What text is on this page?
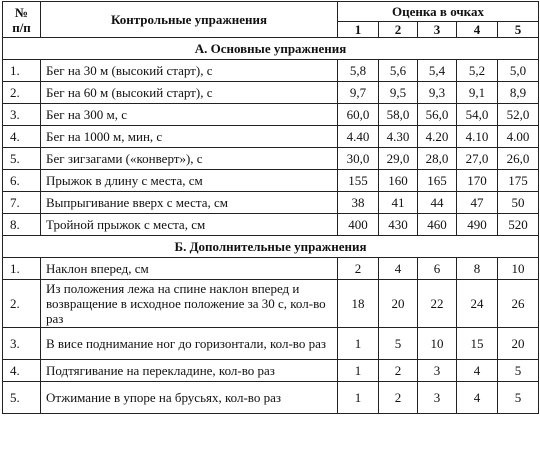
№
п/п	Контрольные упражнения	Оценка в очках				
		1	2	3	4	5
А. Основные упражнения						
1.	Бег на 30 м (высокий старт), с	5,8	5,6	5,4	5,2	5,0
2.	Бег на 60 м (высокий старт), с	9,7	9,5	9,3	9,1	8,9
3.	Бег на 300 м, с	60,0	58,0	56,0	54,0	52,0
4.	Бег на 1000 м, мин, с	4.40	4.30	4.20	4.10	4.00
5.	Бег зигзагами («конверт»), с	30,0	29,0	28,0	27,0	26,0
6.	Прыжок в длину с места, см	155	160	165	170	175
7.	Выпрыгивание вверх с места, см	38	41	44	47	50
8.	Тройной прыжок с места, см	400	430	460	490	520
Б. Дополнительные упражнения						
1.	Наклон вперед, см	2	4	6	8	10
2.	Из положения лежа на спине наклон вперед и возвращение в исходное положение за 30 с, кол-во раз	18	20	22	24	26
3.	В висе поднимание ног до горизонтали, кол-во раз	1	5	10	15	20
4.	Подтягивание на перекладине, кол-во раз	1	2	3	4	5
5.	Отжимание в упоре на брусьях, кол-во раз	1	2	3	4	5
